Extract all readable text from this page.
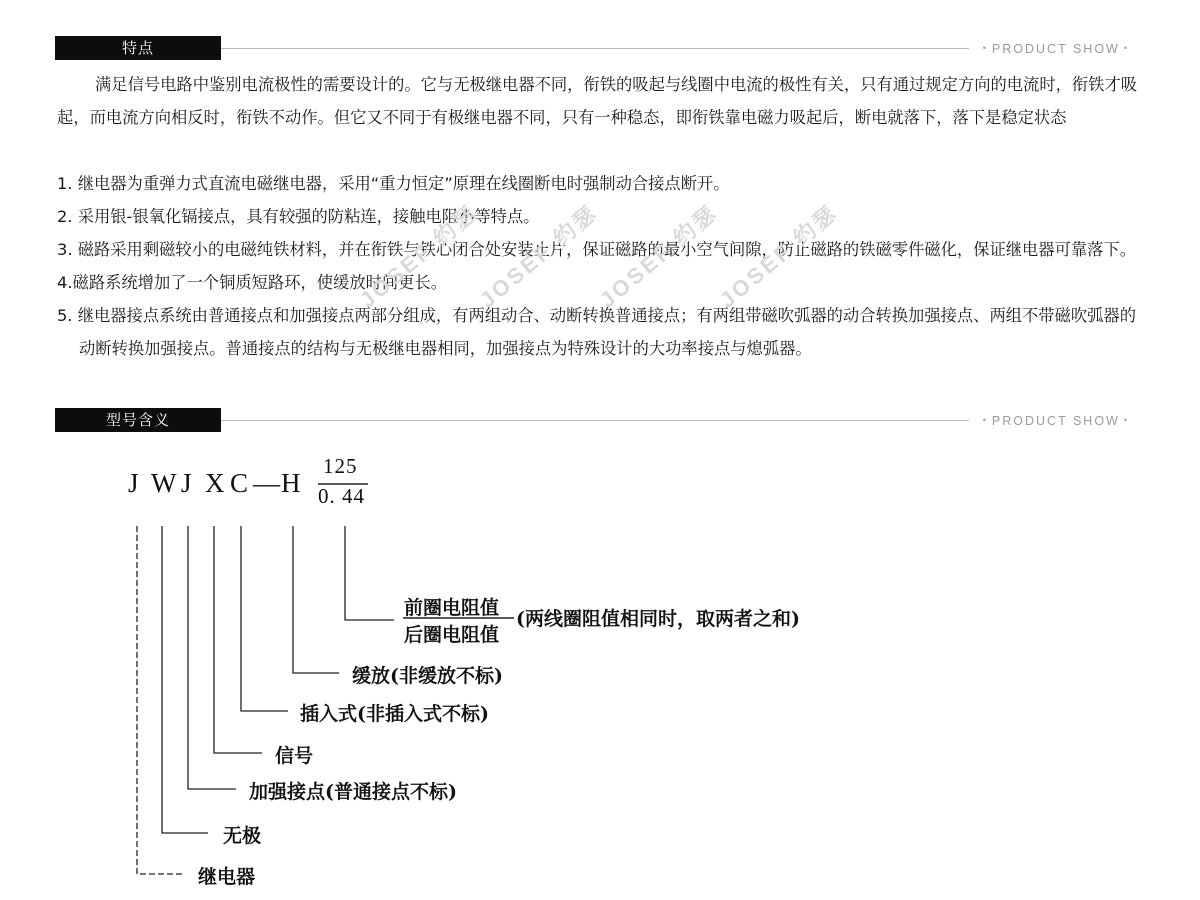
特点	• PRODUCT SHOW •
满足信号电路中鉴别电流极性的需要设计的。它与无极继电器不同，衔铁的吸起与线圈中电流的极性有关，只有通过规定方向的电流时，衔铁才吸起，而电流方向相反时，衔铁不动作。但它又不同于有极继电器不同，只有一种稳态，即衔铁靠电磁力吸起后，断电就落下，落下是稳定状态
1. 继电器为重弹力式直流电磁继电器，采用“重力恒定”原理在线圈断电时强制动合接点断开。
2. 采用银-银氧化镉接点，具有较强的防粘连，接触电阻小等特点。
3. 磁路采用剩磁较小的电磁纯铁材料，并在衔铁与铁心闭合处安装止片，保证磁路的最小空气间隙，防止磁路的铁磁零件磁化，保证继电器可靠落下。
4.磁路系统增加了一个铜质短路环，使缓放时间更长。
5. 继电器接点系统由普通接点和加强接点两部分组成，有两组动合、动断转换普通接点；有两组带磁吹弧器的动合转换加强接点、两组不带磁吹弧器的动断转换加强接点。普通接点的结构与无极继电器相同，加强接点为特殊设计的大功率接点与熄弧器。
JOSEF 约瑟
JOSEF 约瑟
JOSEF 约瑟
JOSEF 约瑟
型号含义	• PRODUCT SHOW •
J W J X C — H
125
0. 44
前圈电阻值
后圈电阻值
(两线圈阻值相同时，取两者之和)
缓放(非缓放不标)
插入式(非插入式不标)
信号
加强接点(普通接点不标)
无极
继电器
